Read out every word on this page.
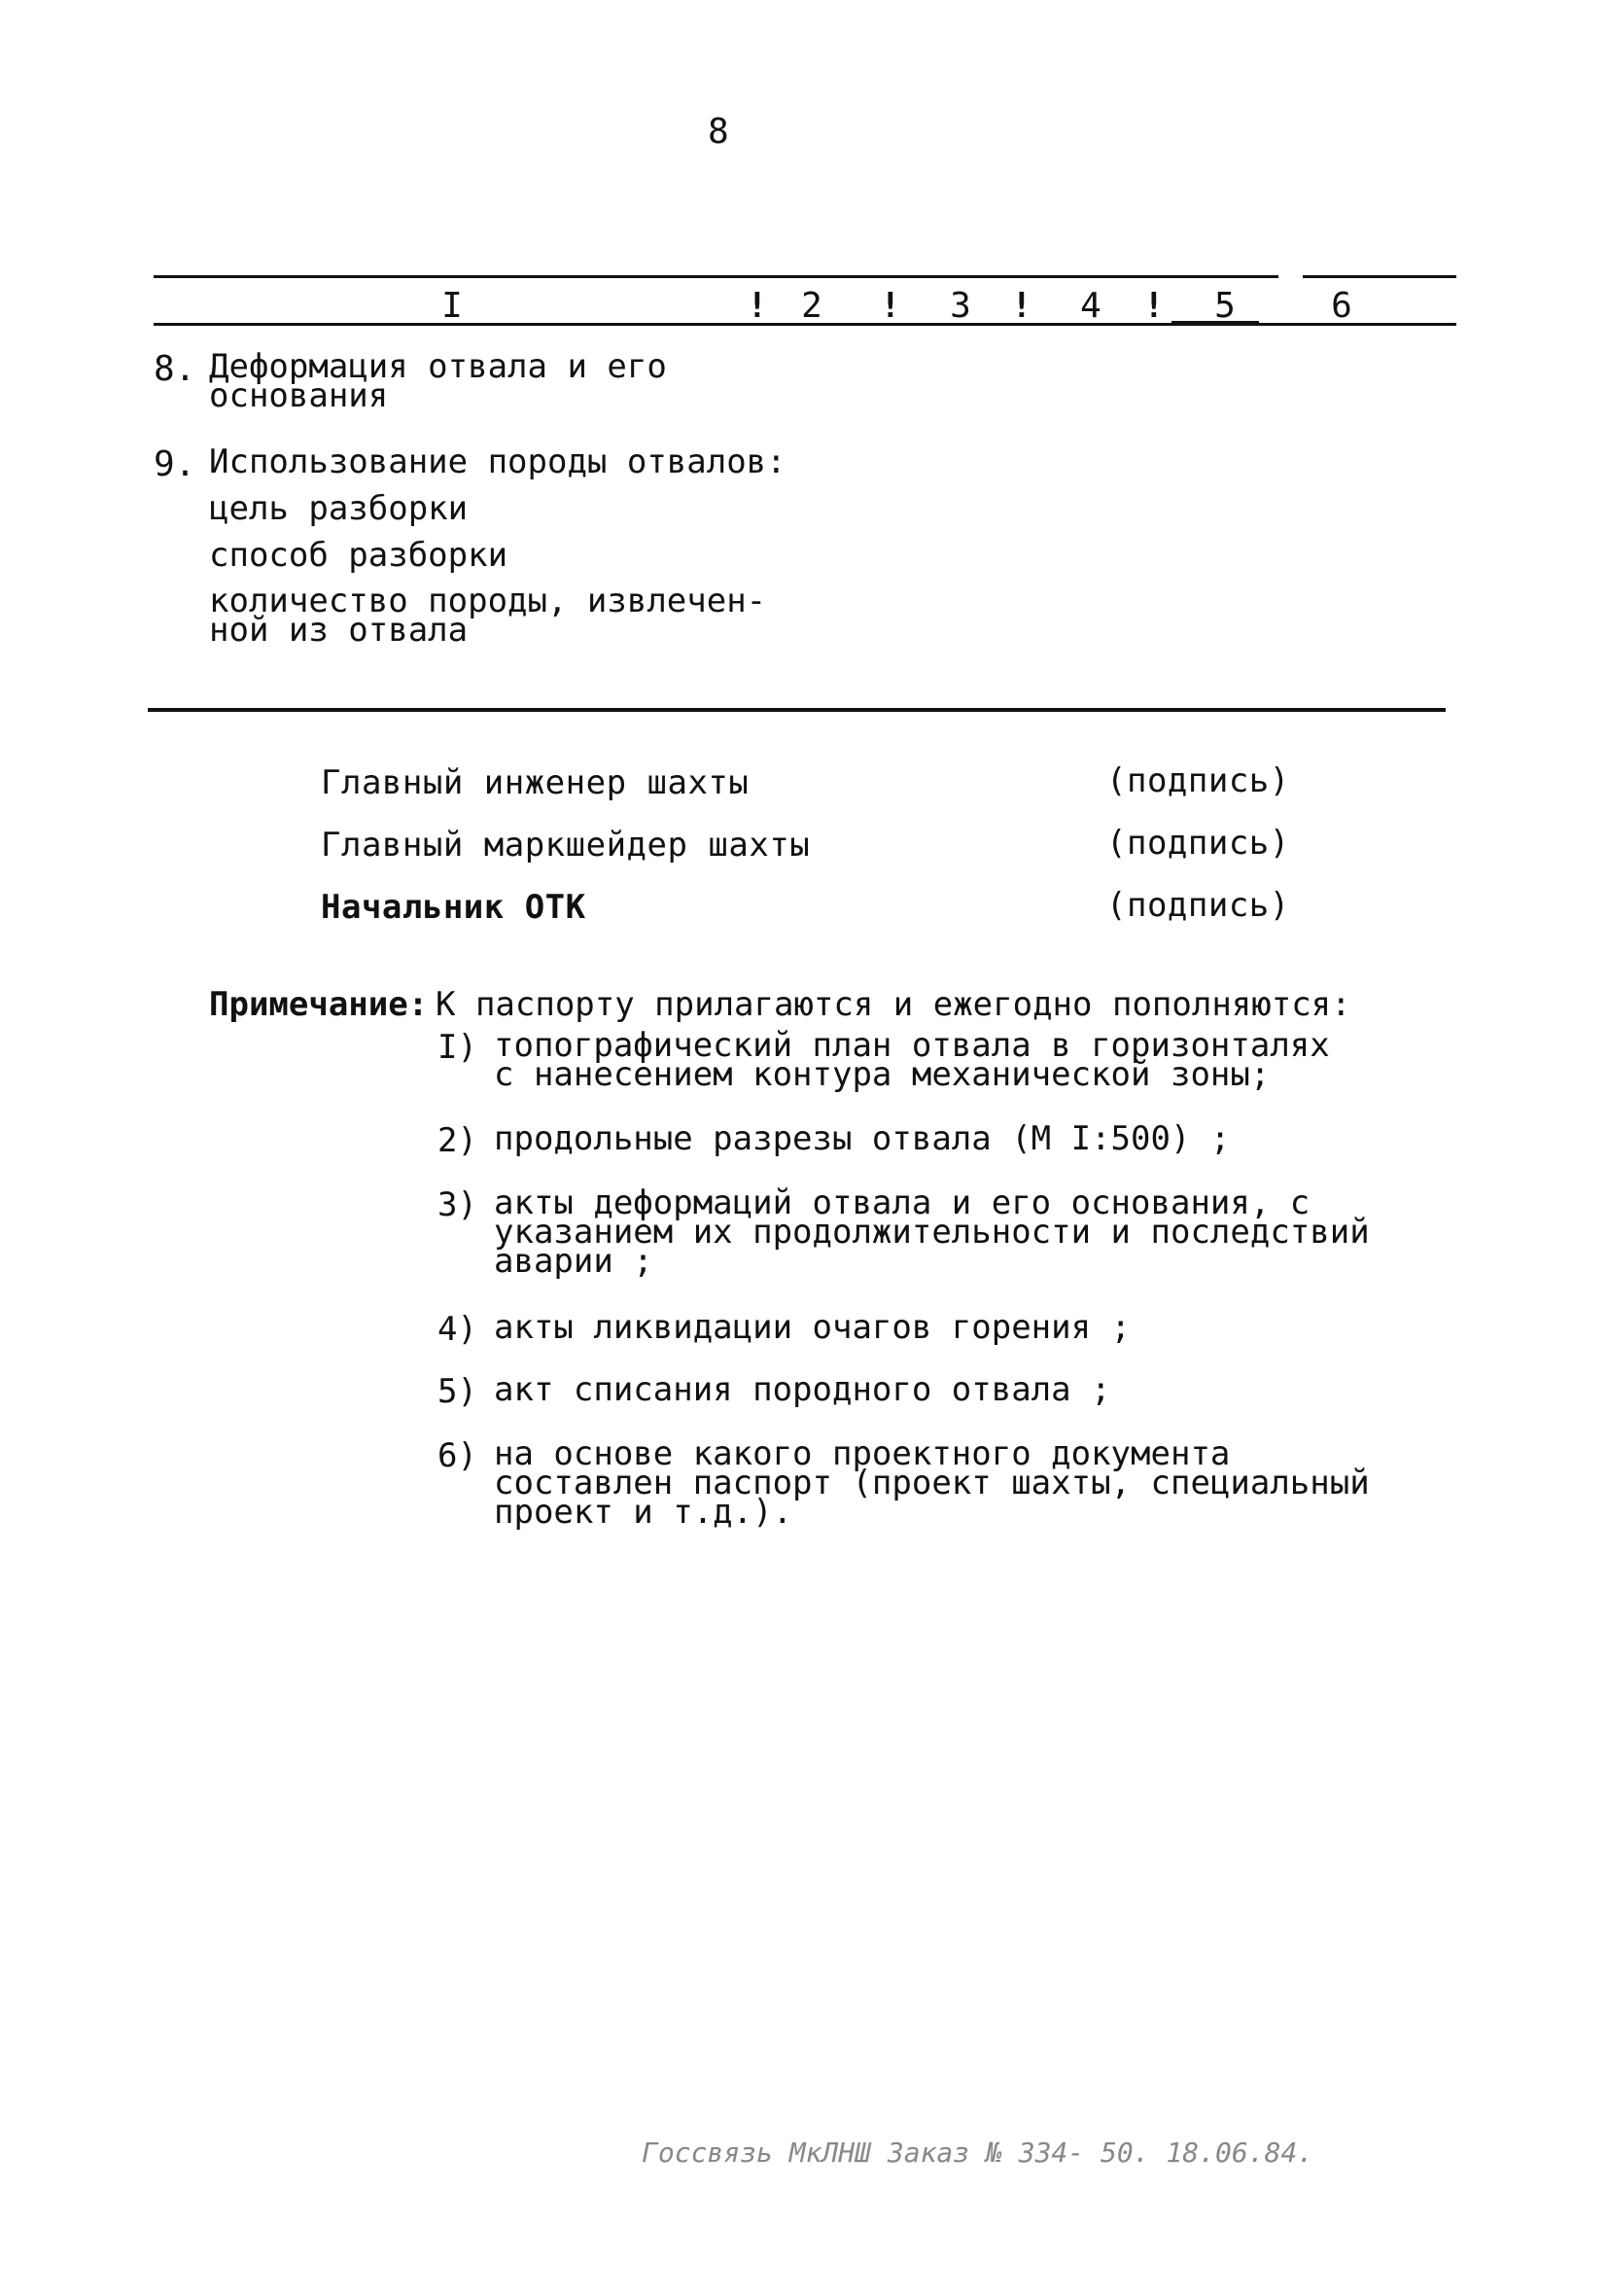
8
I	! 2	!	3	!	4	!	5	6
8. Деформация отвала и его
основания
9. Использование породы отвалов:
цель разборки
способ разборки
количество породы, извлечен-
ной из отвала
Главный инженер шахты	(подпись)
Главный маркшейдер шахты	(подпись)
Начальник ОТК	(подпись)
Примечание: К паспорту прилагаются и ежегодно пополняются:
I) топографический план отвала в горизонталях
с нанесением контура механической зоны;
2) продольные разрезы отвала (М I:500) ;
3) акты деформаций отвала и его основания, с
указанием их продолжительности и последствий
аварии ;
4) акты ликвидации очагов горения ;
5) акт списания породного отвала ;
6) на основе какого проектного документа
составлен паспорт (проект шахты, специальный
проект и т.д.).
Госсвязь МкЛНШ Заказ № 334- 50. 18.06.84.
